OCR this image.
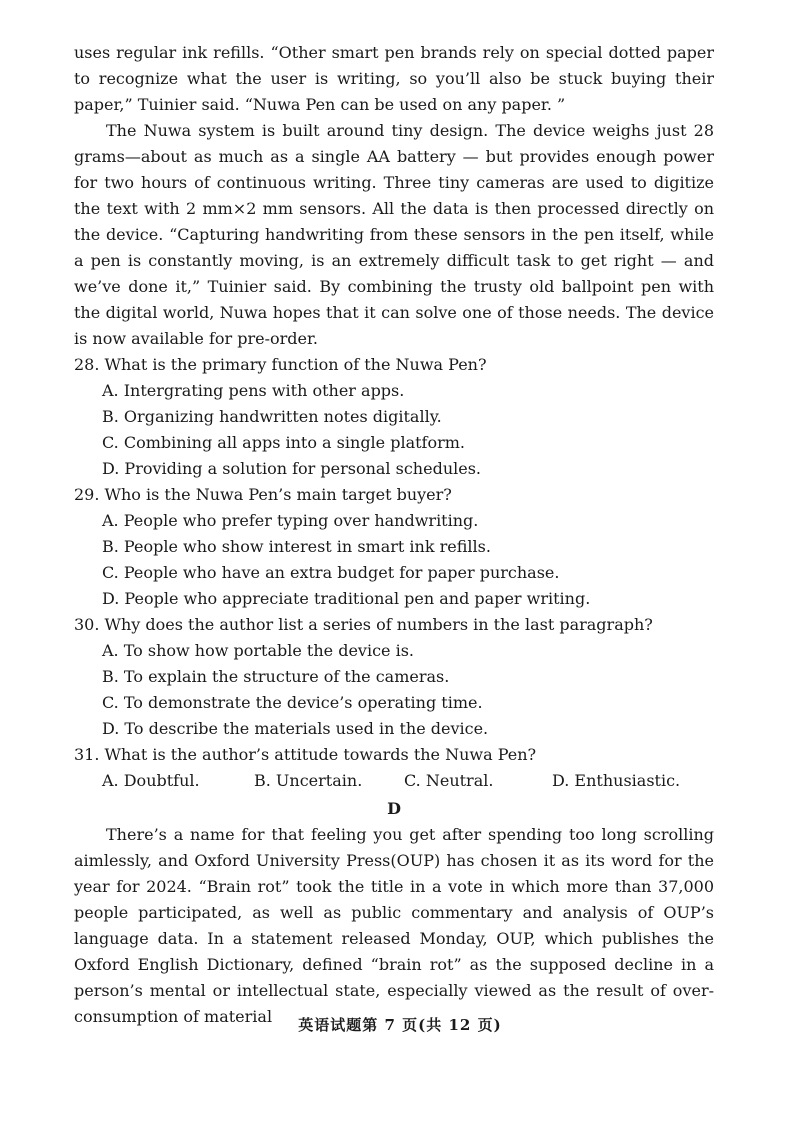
uses regular ink refills. “Other smart pen brands rely on special dotted paper to recognize what the user is writing, so you’ll also be stuck buying their paper,” Tuinier said. “Nuwa Pen can be used on any paper. ”

The Nuwa system is built around tiny design. The device weighs just 28 grams—about as much as a single AA battery — but provides enough power for two hours of continuous writing. Three tiny cameras are used to digitize the text with 2 mm×2 mm sensors. All the data is then processed directly on the device. “Capturing handwriting from these sensors in the pen itself, while a pen is constantly moving, is an extremely difficult task to get right — and we’ve done it,” Tuinier said. By combining the trusty old ballpoint pen with the digital world, Nuwa hopes that it can solve one of those needs. The device is now available for pre-order.

28. What is the primary function of the Nuwa Pen?

A. Intergrating pens with other apps.

B. Organizing handwritten notes digitally.

C. Combining all apps into a single platform.

D. Providing a solution for personal schedules.

29. Who is the Nuwa Pen’s main target buyer?

A. People who prefer typing over handwriting.

B. People who show interest in smart ink refills.

C. People who have an extra budget for paper purchase.

D. People who appreciate traditional pen and paper writing.

30. Why does the author list a series of numbers in the last paragraph?

A. To show how portable the device is.

B. To explain the structure of the cameras.

C. To demonstrate the device’s operating time.

D. To describe the materials used in the device.

31. What is the author’s attitude towards the Nuwa Pen?

A. Doubtful.	B. Uncertain.	C. Neutral.	D. Enthusiastic.

D

There’s a name for that feeling you get after spending too long scrolling aimlessly, and Oxford University Press(OUP) has chosen it as its word for the year for 2024. “Brain rot” took the title in a vote in which more than 37,000 people participated, as well as public commentary and analysis of OUP’s language data. In a statement released Monday, OUP, which publishes the Oxford English Dictionary, defined “brain rot” as the supposed decline in a person’s mental or intellectual state, especially viewed as the result of over-consumption of material	英语试题第 7 页(共 12 页)
